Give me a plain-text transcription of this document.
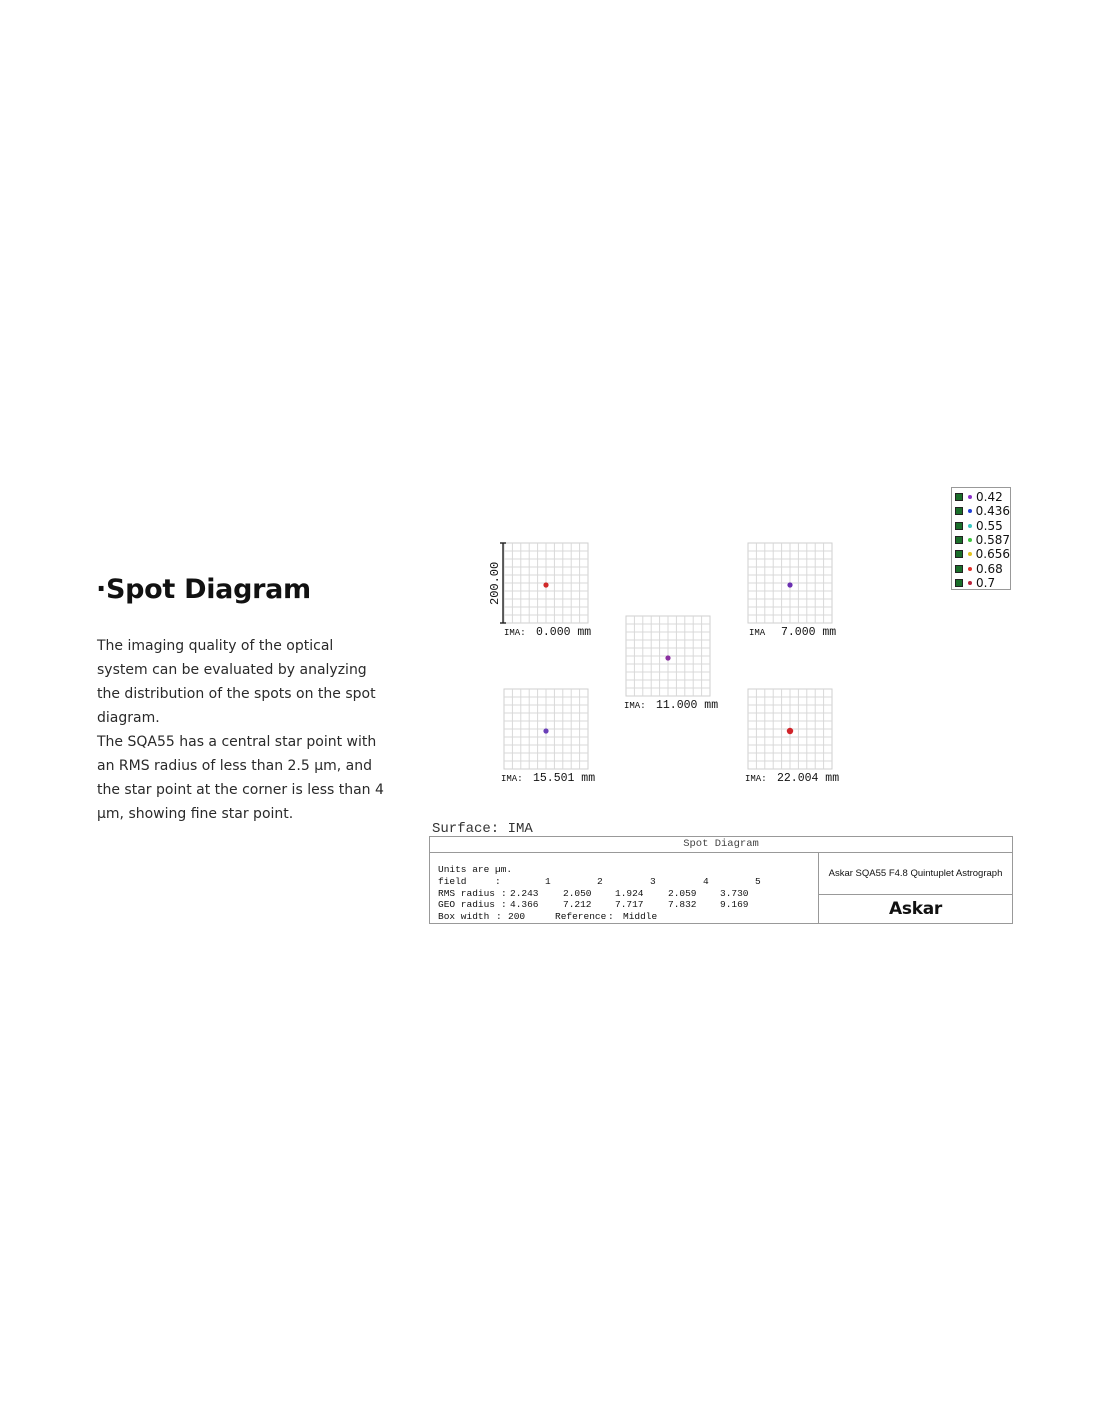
·Spot Diagram

The imaging quality of the optical system can be evaluated by analyzing the distribution of the spots on the spot diagram.

The SQA55 has a central star point with an RMS radius of less than 2.5 μm, and the star point at the corner is less than 4 μm, showing fine star point.

0.42
0.436
0.55
0.587
0.656
0.68
0.7
IMA: 0.000 mm	IMA 7.000 mm
IMA: 11.000 mm
IMA: 15.501 mm	IMA: 22.004 mm
200.00

Surface: IMA

Spot Diagram
Units are µm.
field	:	1	2	3	4	5
RMS radius : 2.243	2.050 1.924	2.059 3.730
GEO radius : 4.366	7.212 7.717	7.832 9.169
Box width : 200	Reference : Middle
Askar SQA55 F4.8 Quintuplet Astrograph
Askar
